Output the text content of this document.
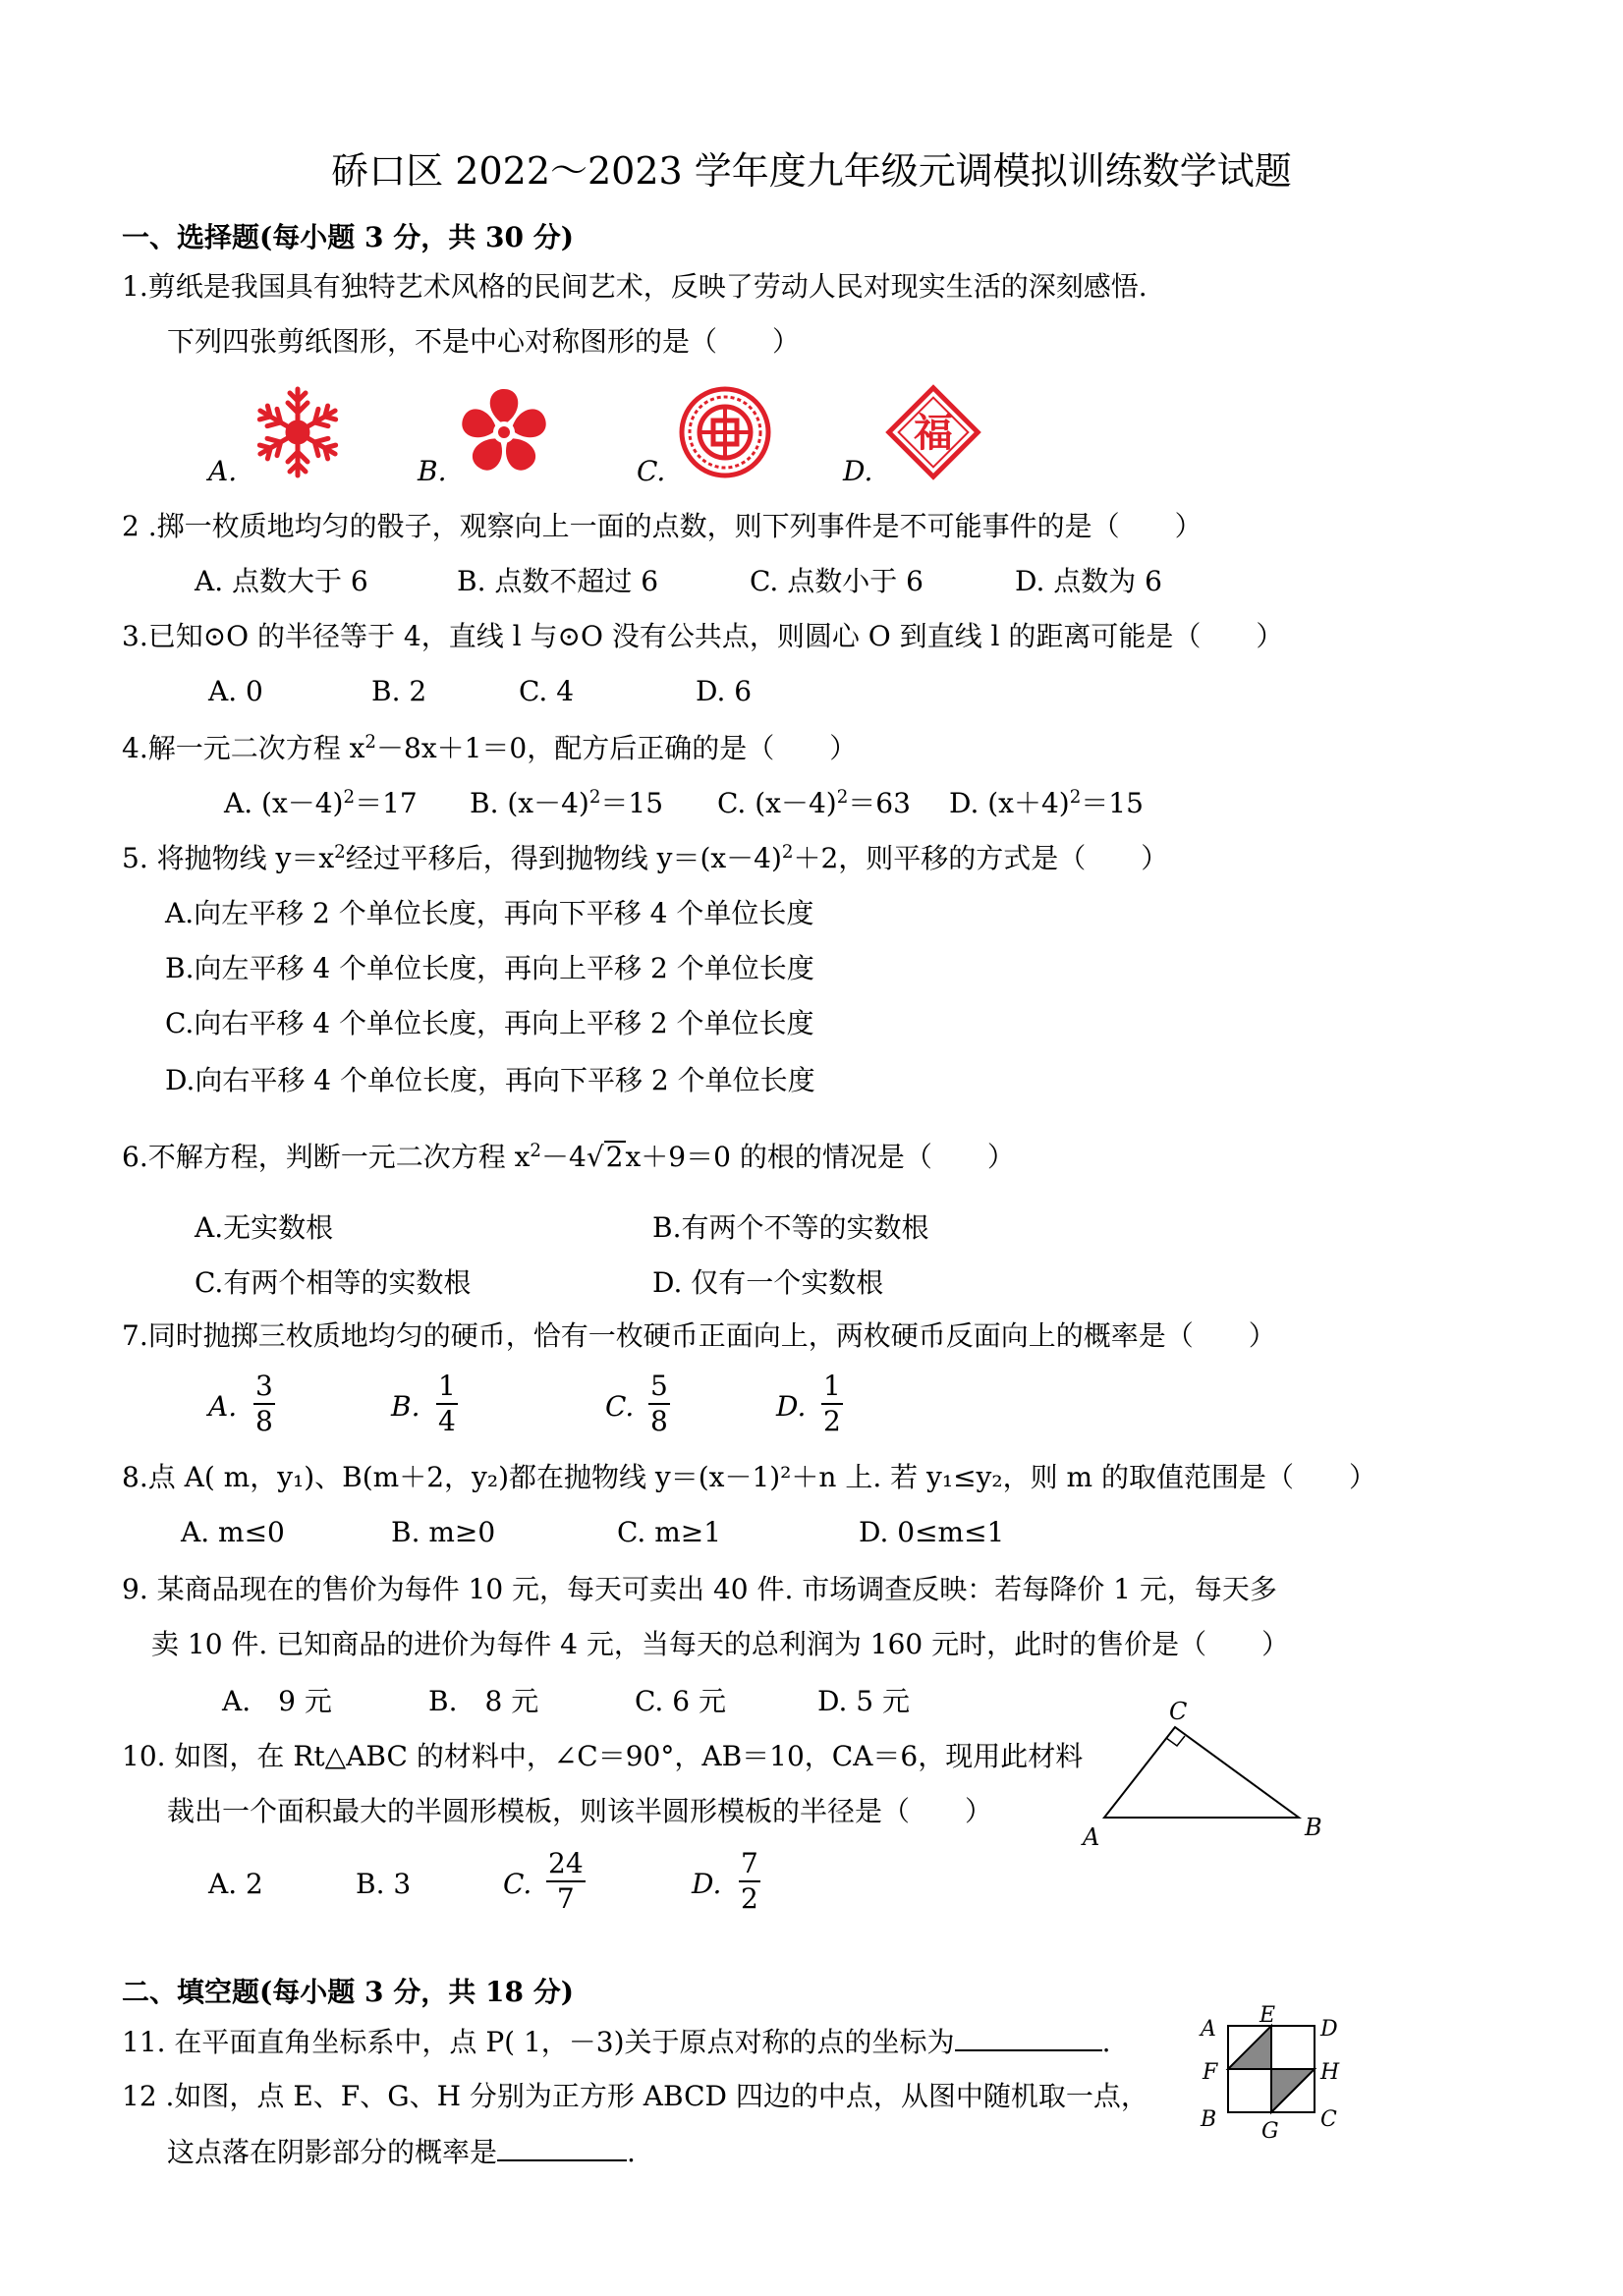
硚口区 2022～2023 学年度九年级元调模拟训练数学试题
一、选择题(每小题 3 分，共 30 分)
1.剪纸是我国具有独特艺术风格的民间艺术，反映了劳动人民对现实生活的深刻感悟.
下列四张剪纸图形，不是中心对称图形的是（　　）
A.	B.	C.	D.
福
2 .掷一枚质地均匀的骰子，观察向上一面的点数，则下列事件是不可能事件的是（　　）
A. 点数大于 6	B. 点数不超过 6	C. 点数小于 6	D. 点数为 6
3.已知⊙O 的半径等于 4，直线 l 与⊙O 没有公共点，则圆心 O 到直线 l 的距离可能是（　　）
A. 0	B. 2	C. 4	D. 6
4.解一元二次方程 $x^2-8x+1=0$，配方后正确的是（　　）
A. $(x-4)^2=17$ B. $(x-4)^2=15$ C. $(x-4)^2=63$ D. $(x+4)^2=15$
5. 将抛物线 $y=x^2$经过平移后，得到抛物线 $y=(x-4)^2+2$，则平移的方式是（　　）
A.向左平移 2 个单位长度，再向下平移 4 个单位长度
B.向左平移 4 个单位长度，再向上平移 2 个单位长度
C.向右平移 4 个单位长度，再向上平移 2 个单位长度
D.向右平移 4 个单位长度，再向下平移 2 个单位长度
6.不解方程，判断一元二次方程 $x^2-4√2x+9=0$ 的根的情况是（　　）
A.无实数根	B.有两个不等的实数根
C.有两个相等的实数根	D. 仅有一个实数根
7.同时抛掷三枚质地均匀的硬币，恰有一枚硬币正面向上，两枚硬币反面向上的概率是（　　）
A.
3
8	B.
1
4	C.
5
8	D.
1
2
8.点 A( m，y₁)、B(m＋2，y₂)都在抛物线 y＝(x－1)²＋n 上. 若 y₁≤y₂，则 m 的取值范围是（　　）
A. m≤0	B. m≥0	C. m≥1	D. 0≤m≤1
9. 某商品现在的售价为每件 10 元，每天可卖出 40 件. 市场调查反映：若每降价 1 元，每天多
卖 10 件. 已知商品的进价为每件 4 元，当每天的总利润为 160 元时，此时的售价是（　　）
A.　9 元	B.　8 元	C. 6 元	D. 5 元
10. 如图，在 Rt△ABC 的材料中，∠C＝90°，AB＝10，CA＝6，现用此材料
裁出一个面积最大的半圆形模板，则该半圆形模板的半径是（　　）
A. 2	B. 3	C.
24
7	D.
7
2
C
A	B
二、填空题(每小题 3 分，共 18 分)
11. 在平面直角坐标系中，点 P( 1，－3)关于原点对称的点的坐标为	.
12 .如图，点 E、F、G、H 分别为正方形 ABCD 四边的中点，从图中随机取一点，
这点落在阴影部分的概率是	.
A
E
D
F	H
B G C
